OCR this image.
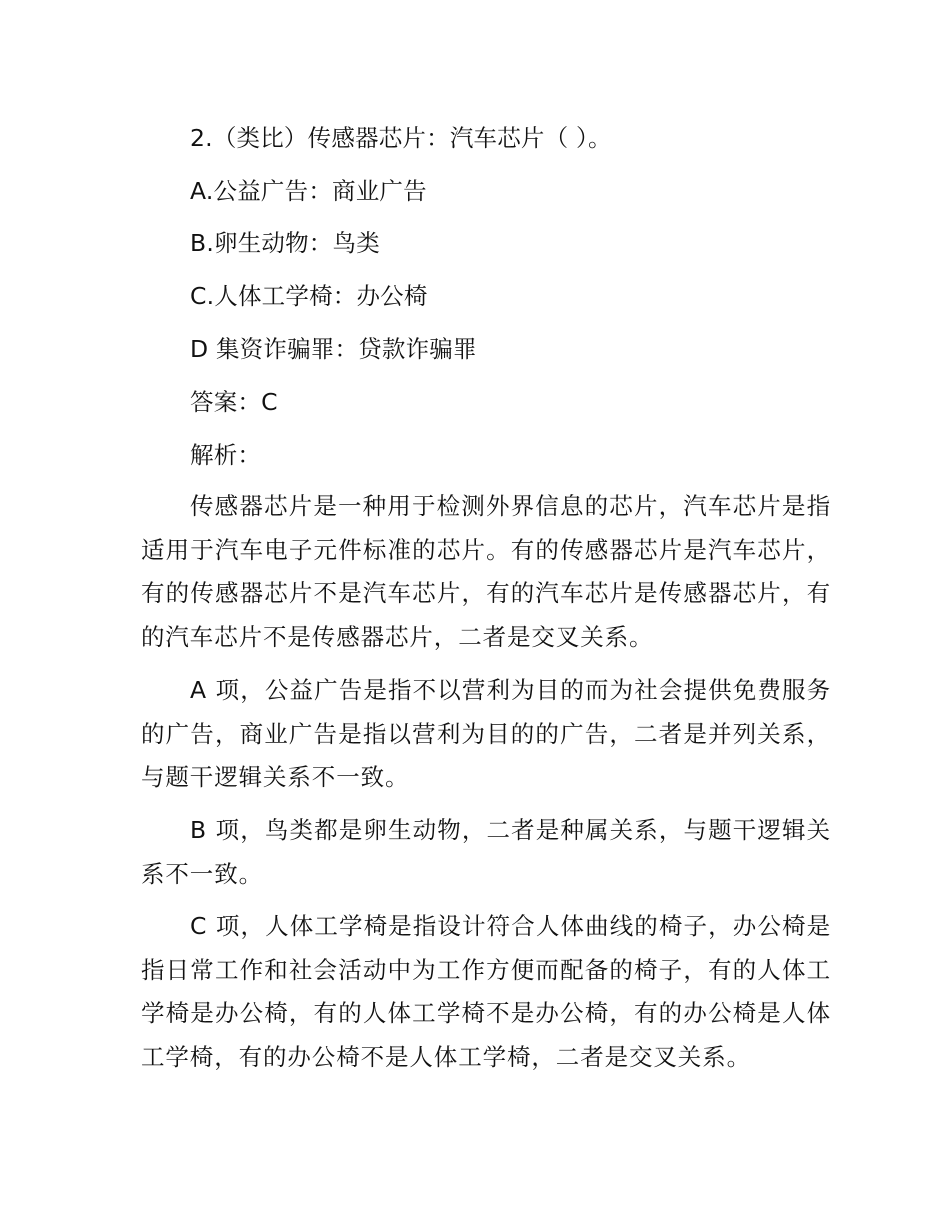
2.（类比）传感器芯片：汽车芯片（ ）。
A.公益广告：商业广告
B.卵生动物：鸟类
C.人体工学椅：办公椅
D 集资诈骗罪：贷款诈骗罪
答案：C
解析：
传感器芯片是一种用于检测外界信息的芯片，汽车芯片是指适用于汽车电子元件标准的芯片。有的传感器芯片是汽车芯片，有的传感器芯片不是汽车芯片，有的汽车芯片是传感器芯片，有的汽车芯片不是传感器芯片，二者是交叉关系。
A 项，公益广告是指不以营利为目的而为社会提供免费服务的广告，商业广告是指以营利为目的的广告，二者是并列关系，与题干逻辑关系不一致。
B 项，鸟类都是卵生动物，二者是种属关系，与题干逻辑关系不一致。
C 项，人体工学椅是指设计符合人体曲线的椅子，办公椅是指日常工作和社会活动中为工作方便而配备的椅子，有的人体工学椅是办公椅，有的人体工学椅不是办公椅，有的办公椅是人体工学椅，有的办公椅不是人体工学椅，二者是交叉关系。
